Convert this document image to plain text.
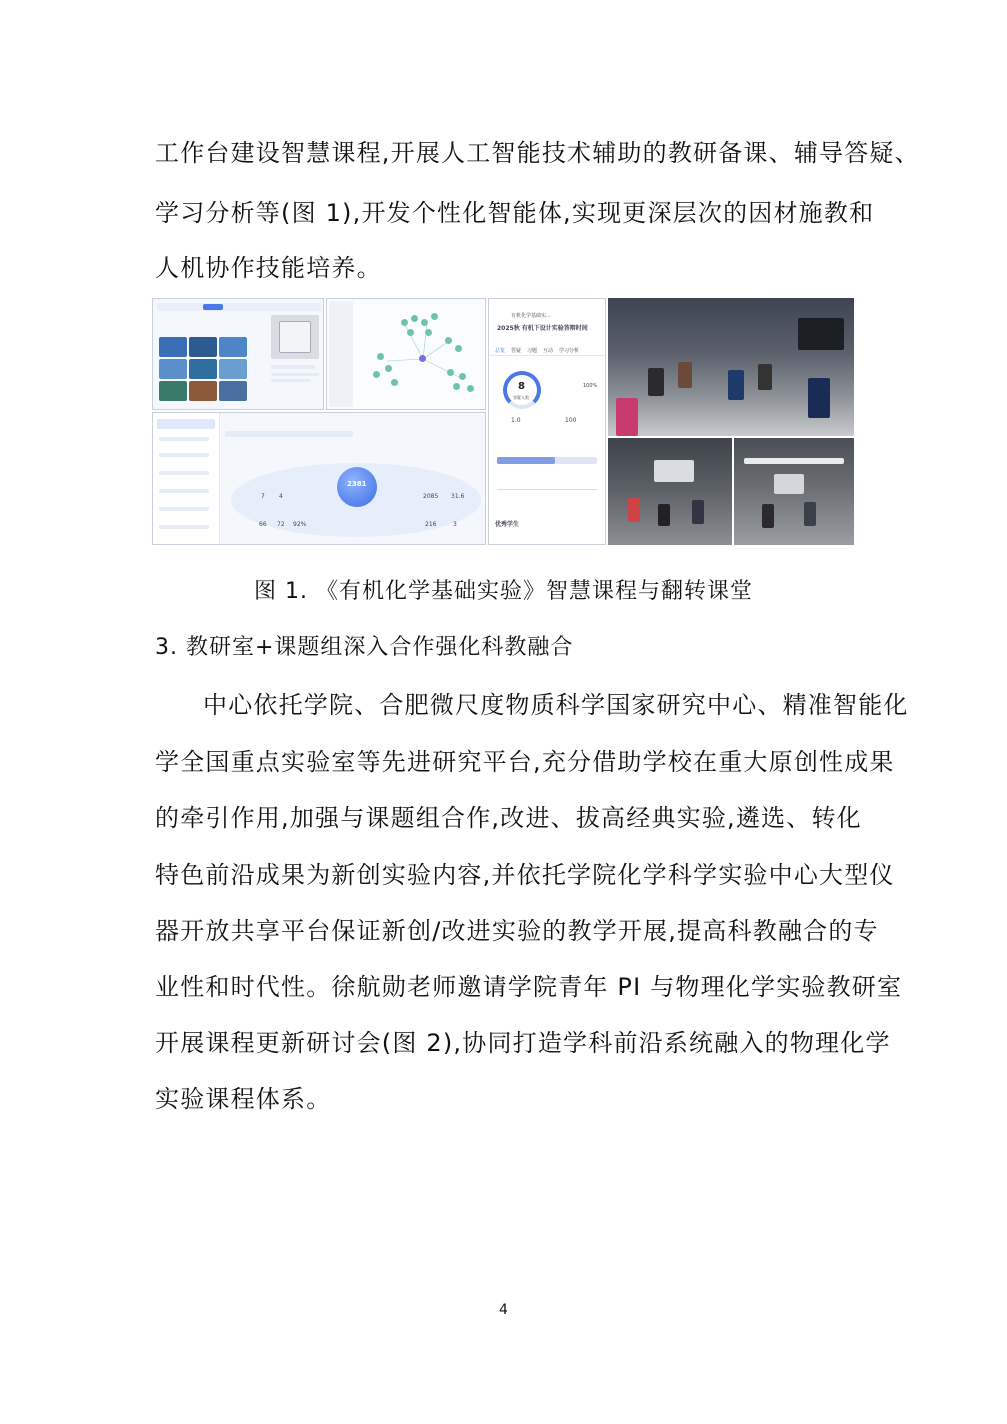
工作台建设智慧课程,开展人工智能技术辅助的教研备课、辅导答疑、
学习分析等(图 1),开发个性化智能体,实现更深层次的因材施教和
人机协作技能培养。
有机化学基础实...
2025秋 有机下设计实验答辩时间
总览 答疑 习题 互动 学习分析
8
答疑人数
100%
1.0	100
优秀学生
2381
7 4	2085 31.6
66 72 92%	216	3
图 1. 《有机化学基础实验》智慧课程与翻转课堂
3. 教研室+课题组深入合作强化科教融合
中心依托学院、合肥微尺度物质科学国家研究中心、精准智能化
学全国重点实验室等先进研究平台,充分借助学校在重大原创性成果
的牵引作用,加强与课题组合作,改进、拔高经典实验,遴选、转化
特色前沿成果为新创实验内容,并依托学院化学科学实验中心大型仪
器开放共享平台保证新创/改进实验的教学开展,提高科教融合的专
业性和时代性。徐航勋老师邀请学院青年 PI 与物理化学实验教研室
开展课程更新研讨会(图 2),协同打造学科前沿系统融入的物理化学
实验课程体系。
4
